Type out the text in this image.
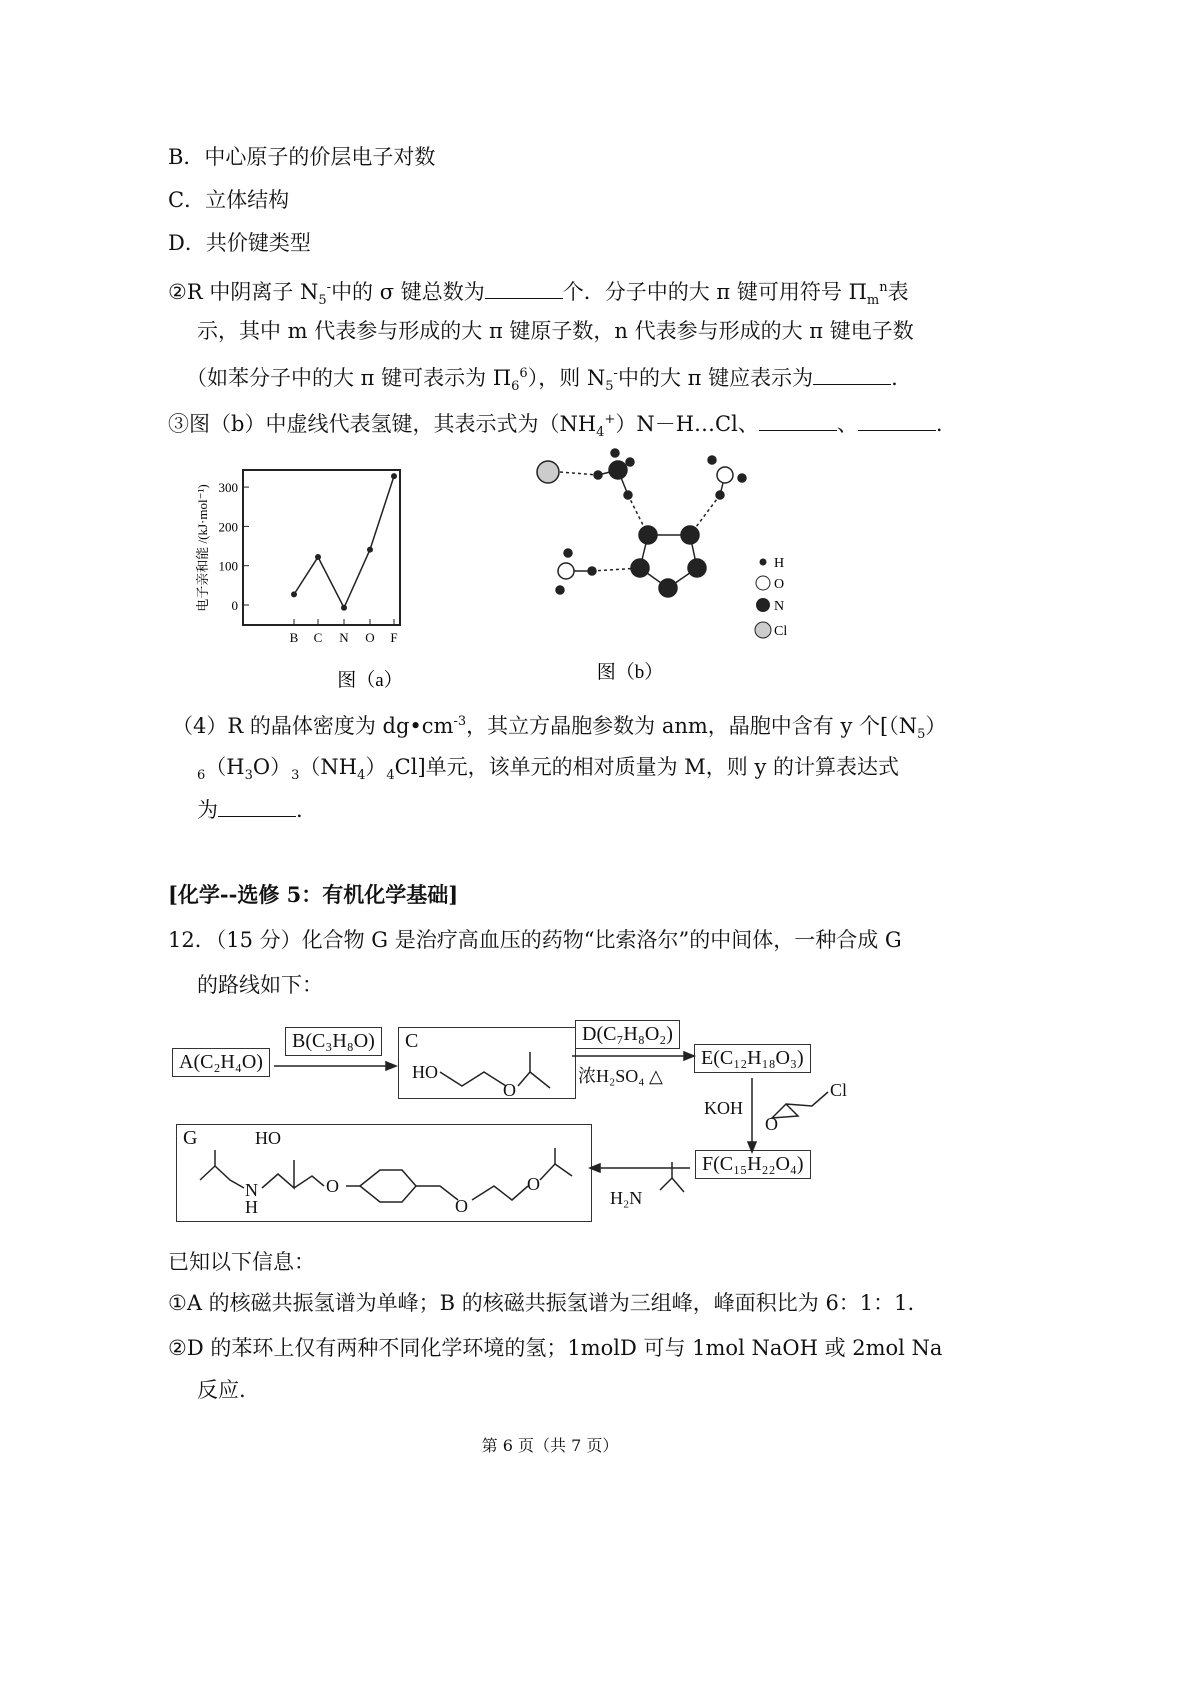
B．中心原子的价层电子对数
C．立体结构
D．共价键类型
②R 中阴离子 $N_5^-$中的 σ 键总数为	个．分子中的大 π 键可用符号 $\Pi_m^n$表
示，其中 m 代表参与形成的大 π 键原子数，n 代表参与形成的大 π 键电子数
（如苯分子中的大 π 键可表示为 $\Pi_6^6$），则 $N_5^-$中的大 π 键应表示为	.
③图（b）中虚线代表氢键，其表示式为$(NH_4^+)N-H\dots Cl$、	、	.
0
100
200
300
B C N O F
电子亲和能 /(kJ·mol⁻¹)
图（a）
H
O
N
Cl
图（b）
（4）R 的晶体密度为 $dg•cm^{-3}$，其立方晶胞参数为 anm，晶胞中含有 y 个[$(N_5)$
$_6(H_3O)_3(NH_4)_4Cl$]单元，该单元的相对质量为 M，则 y 的计算表达式
为	.
[化学--选修 5：有机化学基础]
12．（15 分）化合物 G 是治疗高血压的药物“比索洛尔”的中间体，一种合成 G
的路线如下：
A(C₂H₄O)
B(C₃H₈O)	C
HO
O
D(C₇H₈O₂)
浓H₂SO₄ △
E(C₁₂H₁₈O₃)
KOH
Cl
O
F(C₁₅H₂₂O₄)
H₂N
G	HO
N
H
O
O
O
已知以下信息：
①A 的核磁共振氢谱为单峰；B 的核磁共振氢谱为三组峰，峰面积比为 6：1：1.
②D 的苯环上仅有两种不同化学环境的氢；1molD 可与 1mol NaOH 或 2mol Na
反应.
第 6 页（共 7 页）
